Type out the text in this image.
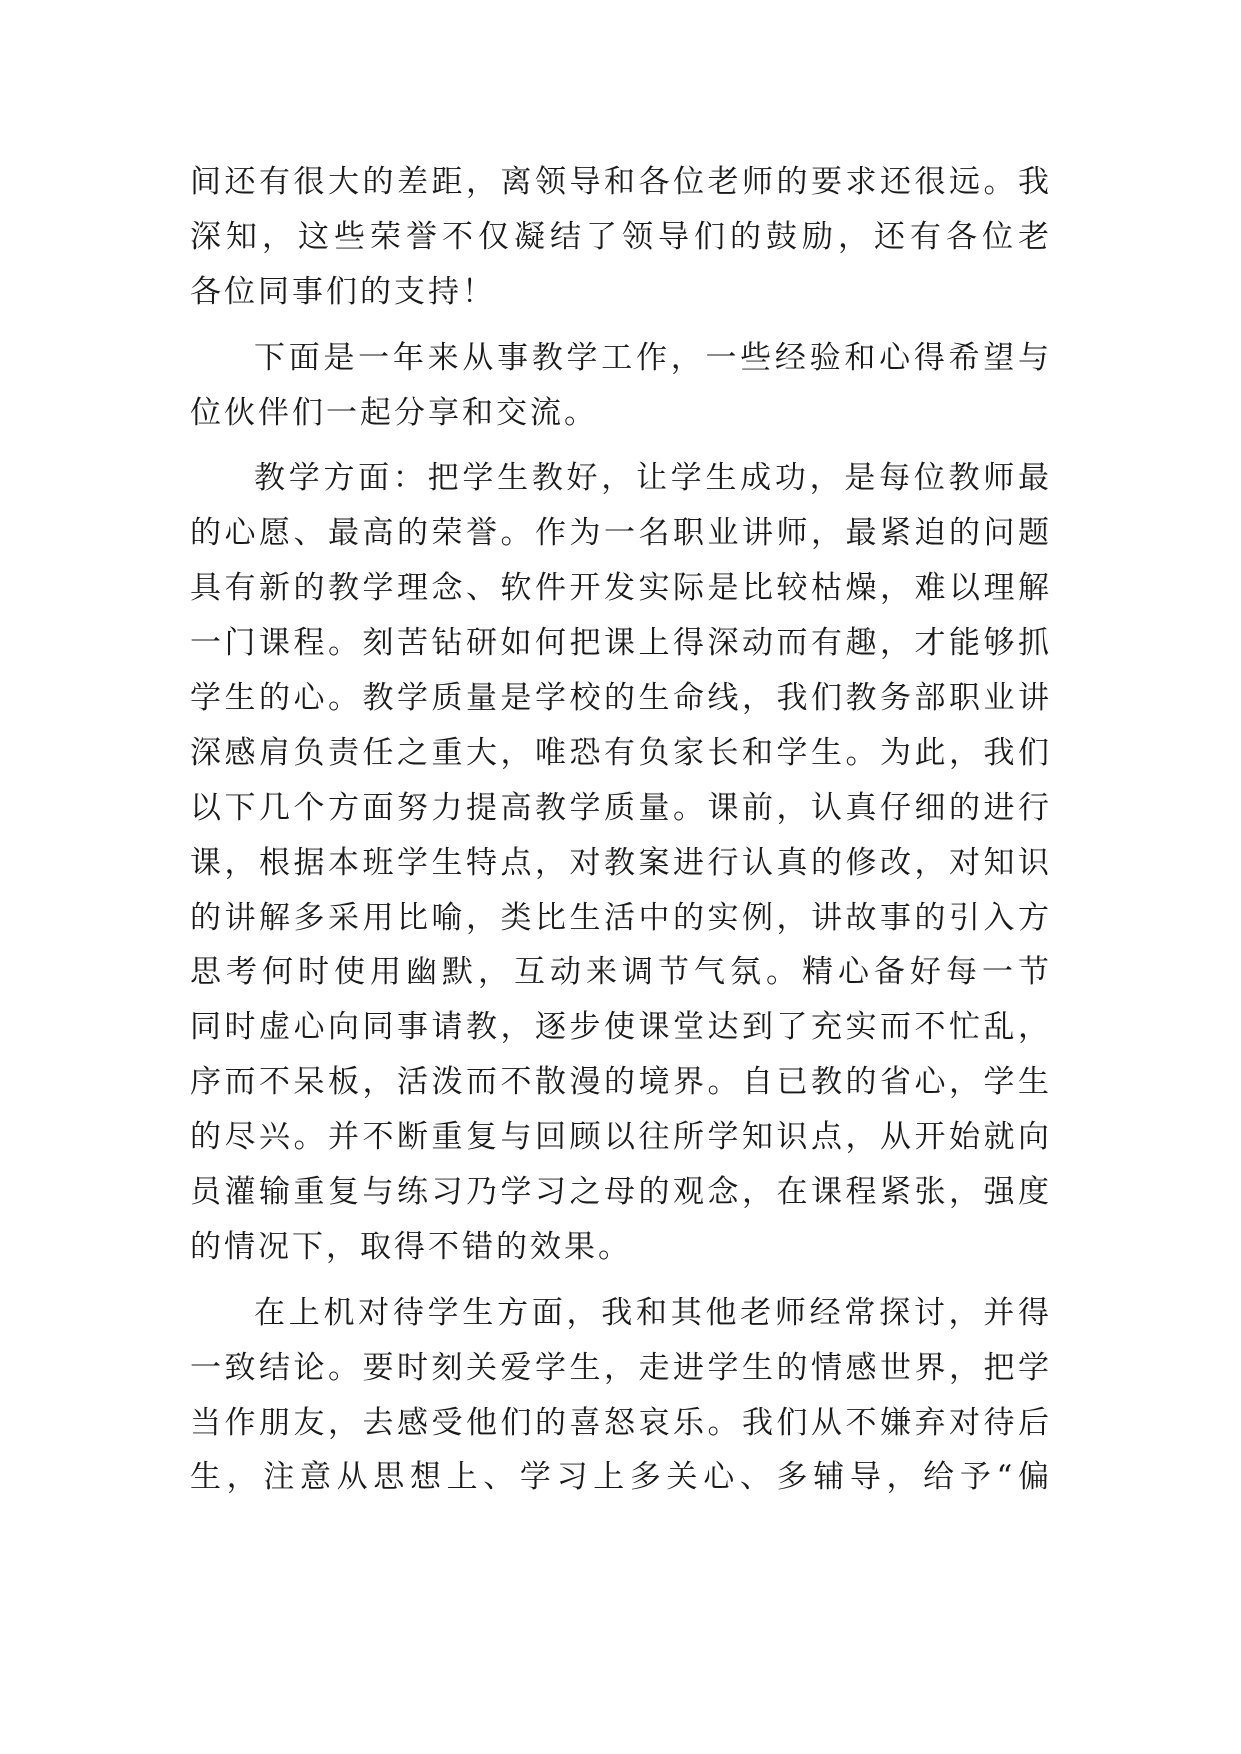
间还有很大的差距，离领导和各位老师的要求还很远。我
深知，这些荣誉不仅凝结了领导们的鼓励，还有各位老
各位同事们的支持！
下面是一年来从事教学工作，一些经验和心得希望与
位伙伴们一起分享和交流。
教学方面：把学生教好，让学生成功，是每位教师最
的心愿、最高的荣誉。作为一名职业讲师，最紧迫的问题
具有新的教学理念、软件开发实际是比较枯燥，难以理解
一门课程。刻苦钻研如何把课上得深动而有趣，才能够抓
学生的心。教学质量是学校的生命线，我们教务部职业讲
深感肩负责任之重大，唯恐有负家长和学生。为此，我们
以下几个方面努力提高教学质量。课前，认真仔细的进行
课，根据本班学生特点，对教案进行认真的修改，对知识
的讲解多采用比喻，类比生活中的实例，讲故事的引入方
思考何时使用幽默，互动来调节气氛。精心备好每一节
同时虚心向同事请教，逐步使课堂达到了充实而不忙乱，
序而不呆板，活泼而不散漫的境界。自已教的省心，学生
的尽兴。并不断重复与回顾以往所学知识点，从开始就向
员灌输重复与练习乃学习之母的观念，在课程紧张，强度
的情况下，取得不错的效果。
在上机对待学生方面，我和其他老师经常探讨，并得
一致结论。要时刻关爱学生，走进学生的情感世界，把学
当作朋友，去感受他们的喜怒哀乐。我们从不嫌弃对待后
生，注意从思想上、学习上多关心、多辅导，给予“偏
